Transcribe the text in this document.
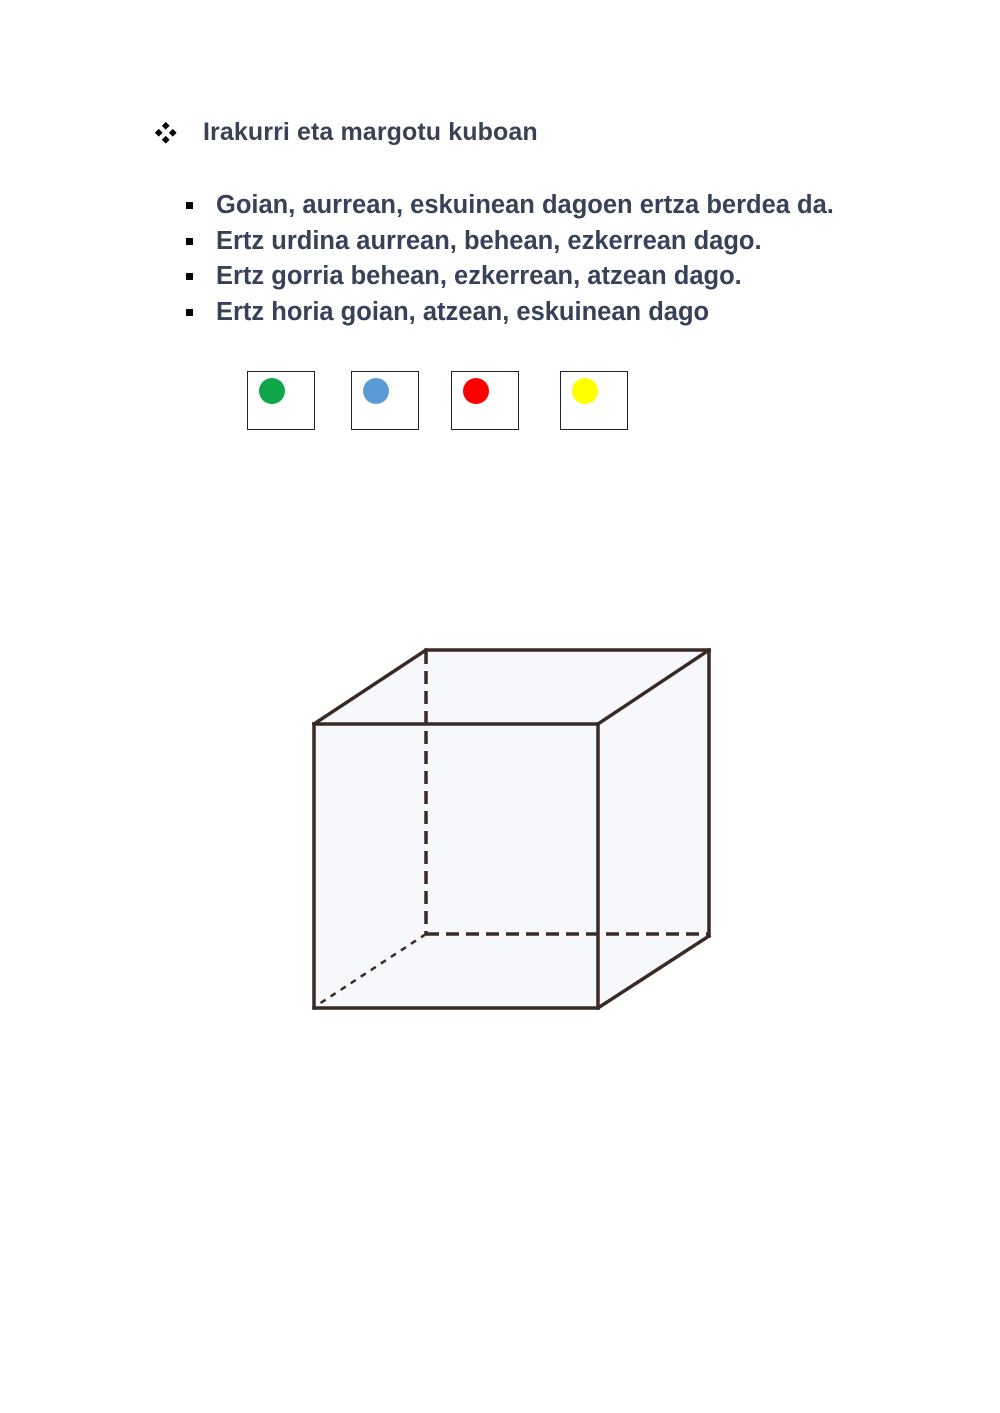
Irakurri eta margotu kuboan
Goian, aurrean, eskuinean dagoen ertza berdea da.
Ertz urdina aurrean, behean, ezkerrean dago.
Ertz gorria behean, ezkerrean, atzean dago.
Ertz horia goian, atzean, eskuinean dago
